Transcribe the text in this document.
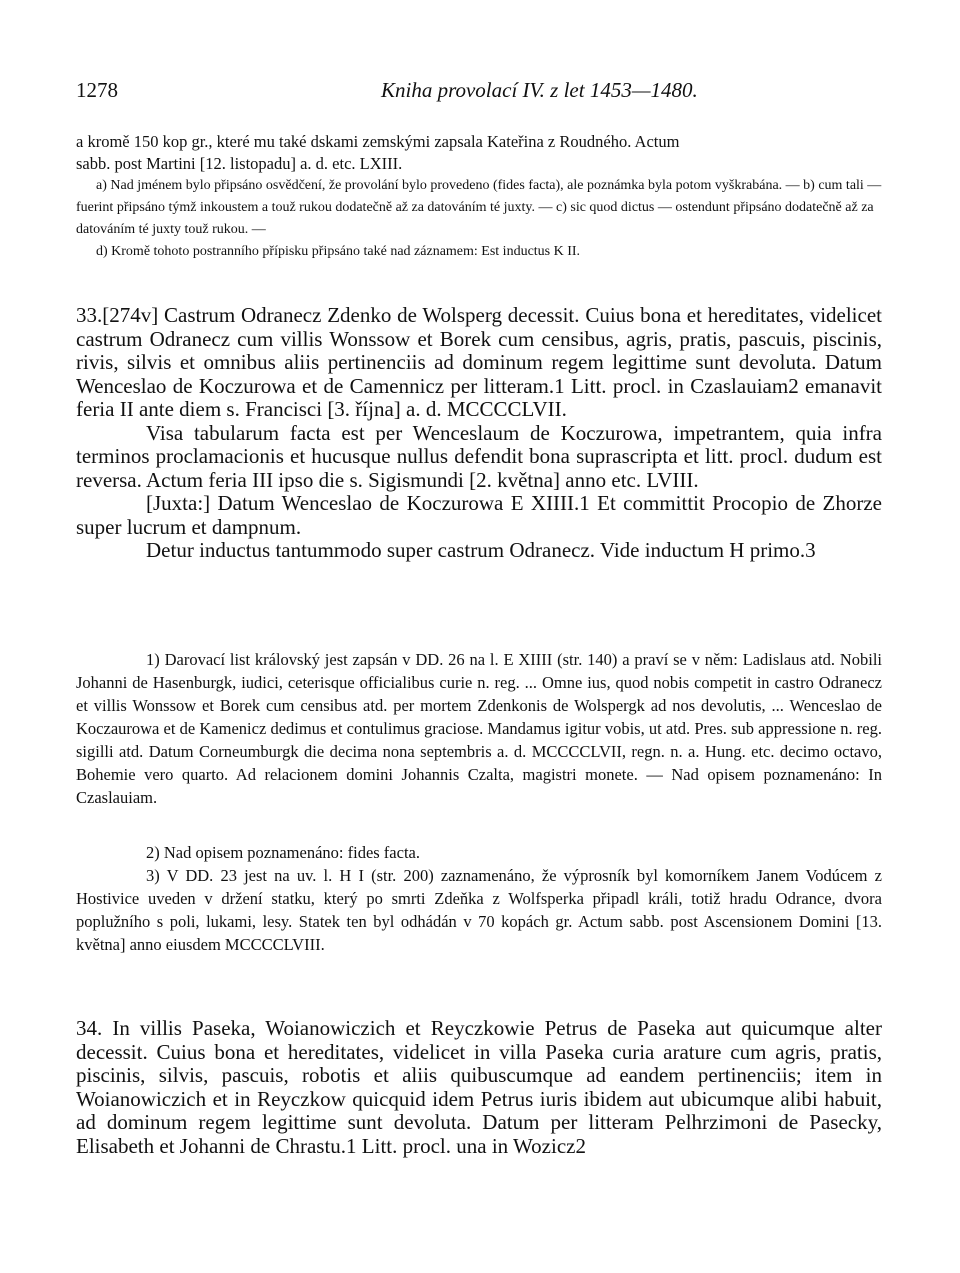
1278	Kniha provolací IV. z let 1453—1480.

a kromě 150 kop gr., které mu také dskami zemskými zapsala Kateřina z Roudného. Actum

sabb. post Martini [12. listopadu] a. d. etc. LXIII.

a) Nad jménem bylo připsáno osvědčení, že provolání bylo provedeno (fides facta), ale poznámka byla potom vyškrabána. — b) cum tali — fuerint připsáno týmž inkoustem a touž rukou dodatečně až za datováním té juxty. — c) sic quod dictus — ostendunt připsáno dodatečně až za datováním té juxty touž rukou. —

d) Kromě tohoto postranního přípisku připsáno také nad záznamem: Est inductus K II.

33.[274v] Castrum Odranecz Zdenko de Wolsperg decessit. Cuius bona et hereditates, videlicet castrum Odranecz cum villis Wonssow et Borek cum censibus, agris, pratis, pascuis, piscinis, rivis, silvis et omnibus aliis pertinenciis ad dominum regem legittime sunt devoluta. Datum Wenceslao de Koczurowa et de Camennicz per litteram.1 Litt. procl. in Czaslauiam2 emanavit feria II ante diem s. Francisci [3. října] a. d. MCCCCLVII.

Visa tabularum facta est per Wenceslaum de Koczurowa, impetrantem, quia infra terminos proclamacionis et hucusque nullus defendit bona suprascripta et litt. procl. dudum est reversa. Actum feria III ipso die s. Sigismundi [2. května] anno etc. LVIII.

[Juxta:] Datum Wenceslao de Koczurowa E XIIII.1 Et committit Procopio de Zhorze super lucrum et dampnum.

Detur inductus tantummodo super castrum Odranecz. Vide inductum H primo.3

1) Darovací list královský jest zapsán v DD. 26 na l. E XIIII (str. 140) a praví se v něm: Ladislaus atd. Nobili Johanni de Hasenburgk, iudici, ceterisque officialibus curie n. reg. ... Omne ius, quod nobis competit in castro Odranecz et villis Wonssow et Borek cum censibus atd. per mortem Zdenkonis de Wolspergk ad nos devolutis, ... Wenceslao de Koczaurowa et de Kamenicz dedimus et contulimus graciose. Mandamus igitur vobis, ut atd. Pres. sub appressione n. reg. sigilli atd. Datum Corneumburgk die decima nona septembris a. d. MCCCCLVII, regn. n. a. Hung. etc. decimo octavo, Bohemie vero quarto. Ad relacionem domini Johannis Czalta, magistri monete. — Nad opisem poznamenáno: In Czaslauiam.

2) Nad opisem poznamenáno: fides facta.

3) V DD. 23 jest na uv. l. H I (str. 200) zaznamenáno, že výprosník byl komorníkem Janem Vodúcem z Hostivice uveden v držení statku, který po smrti Zdeňka z Wolfsperka připadl králi, totiž hradu Odrance, dvora poplužního s poli, lukami, lesy. Statek ten byl odhádán v 70 kopách gr. Actum sabb. post Ascensionem Domini [13. května] anno eiusdem MCCCCLVIII.

34. In villis Paseka, Woianowiczich et Reyczkowie Petrus de Paseka aut quicumque alter decessit. Cuius bona et hereditates, videlicet in villa Paseka curia arature cum agris, pratis, piscinis, silvis, pascuis, robotis et aliis quibuscumque ad eandem pertinenciis; item in Woianowiczich et in Reyczkow quicquid idem Petrus iuris ibidem aut ubicumque alibi habuit, ad dominum regem legittime sunt devoluta. Datum per litteram Pelhrzimoni de Pasecky, Elisabeth et Johanni de Chrastu.1 Litt. procl. una in Wozicz2
